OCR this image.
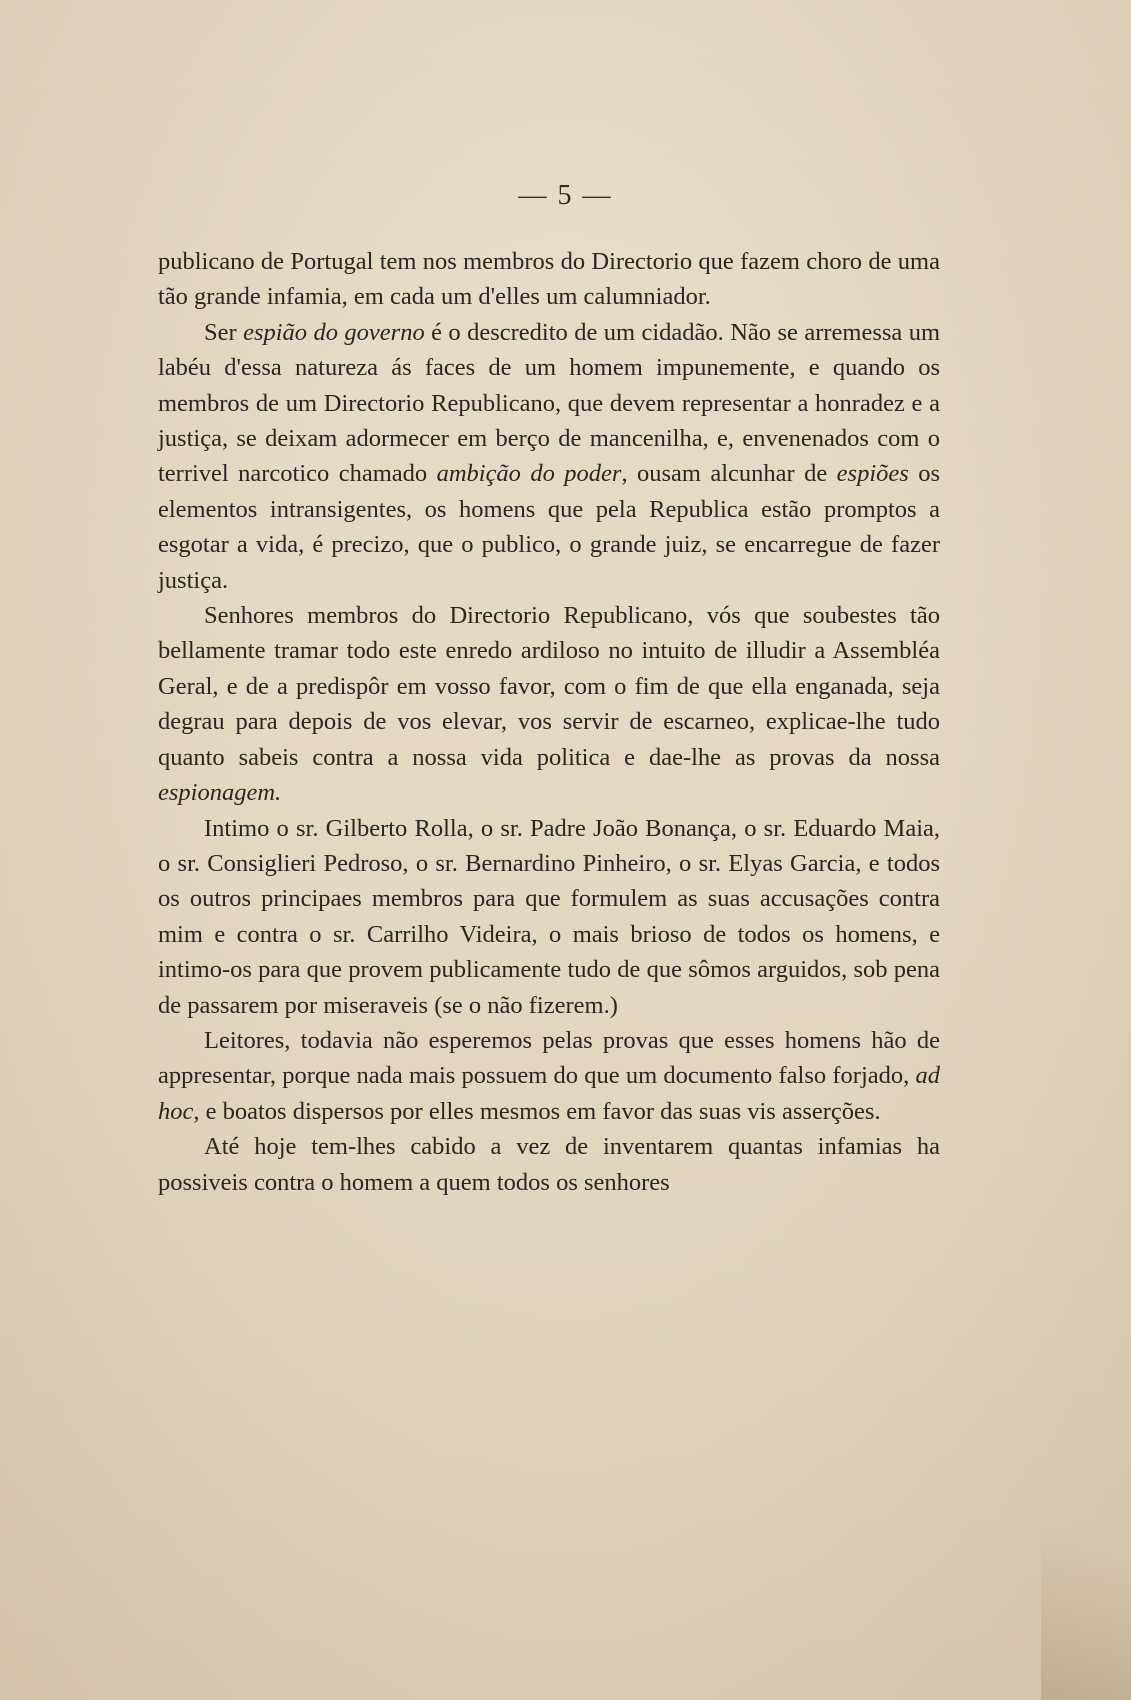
— 5 —

publicano de Portugal tem nos membros do Directorio que fazem choro de uma tão grande infamia, em cada um d'elles um calumniador.

Ser espião do governo é o descredito de um cidadão. Não se arremessa um labéu d'essa natureza ás faces de um homem impunemente, e quando os membros de um Directorio Republicano, que devem representar a honradez e a justiça, se deixam adormecer em berço de mancenilha, e, envenenados com o terrivel narcotico chamado ambição do poder, ousam alcunhar de espiões os elementos intransigentes, os homens que pela Republica estão promptos a esgotar a vida, é precizo, que o publico, o grande juiz, se encarregue de fazer justiça.

Senhores membros do Directorio Republicano, vós que soubestes tão bellamente tramar todo este enredo ardiloso no intuito de illudir a Assembléa Geral, e de a predispôr em vosso favor, com o fim de que ella enganada, seja degrau para depois de vos elevar, vos servir de escarneo, explicae-lhe tudo quanto sabeis contra a nossa vida politica e dae-lhe as provas da nossa espionagem.

Intimo o sr. Gilberto Rolla, o sr. Padre João Bonança, o sr. Eduardo Maia, o sr. Consiglieri Pedroso, o sr. Bernardino Pinheiro, o sr. Elyas Garcia, e todos os outros principaes membros para que formulem as suas accusações contra mim e contra o sr. Carrilho Videira, o mais brioso de todos os homens, e intimo-os para que provem publicamente tudo de que sômos arguidos, sob pena de passarem por miseraveis (se o não fizerem.)

Leitores, todavia não esperemos pelas provas que esses homens hão de appresentar, porque nada mais possuem do que um documento falso forjado, ad hoc, e boatos dispersos por elles mesmos em favor das suas vis asserções.

Até hoje tem-lhes cabido a vez de inventarem quantas infamias ha possiveis contra o homem a quem todos os senhores
